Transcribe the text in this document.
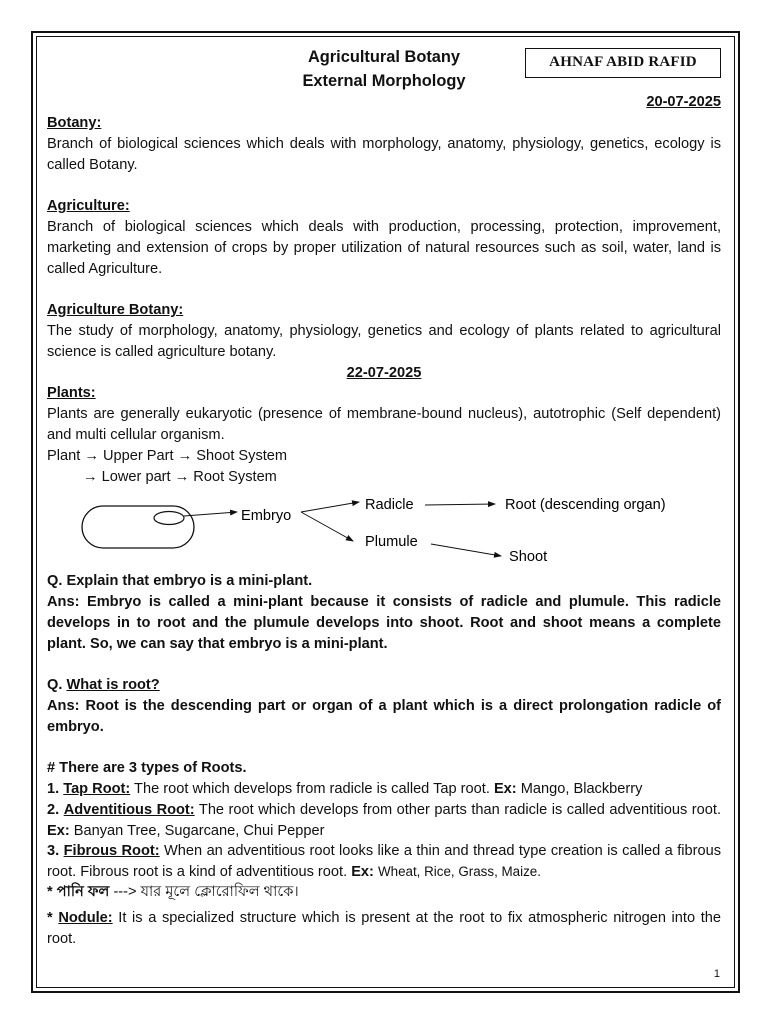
Agricultural Botany
External Morphology
AHNAF ABID RAFID
20-07-2025
Botany:
Branch of biological sciences which deals with morphology, anatomy, physiology, genetics, ecology is called Botany.
Agriculture:
Branch of biological sciences which deals with production, processing, protection, improvement, marketing and extension of crops by proper utilization of natural resources such as soil, water, land is called Agriculture.
Agriculture Botany:
The study of morphology, anatomy, physiology, genetics and ecology of plants related to agricultural science is called agriculture botany.
22-07-2025
Plants:
Plants are generally eukaryotic (presence of membrane-bound nucleus), autotrophic (Self dependent) and multi cellular organism.
Plant → Upper Part → Shoot System
→ Lower part → Root System
Embryo
Radicle	Root (descending organ)
Plumule
Shoot
Q. Explain that embryo is a mini-plant.
Ans: Embryo is called a mini-plant because it consists of radicle and plumule. This radicle develops in to root and the plumule develops into shoot. Root and shoot means a complete plant. So, we can say that embryo is a mini-plant.
Q. What is root?
Ans: Root is the descending part or organ of a plant which is a direct prolongation radicle of embryo.
# There are 3 types of Roots.
1. Tap Root: The root which develops from radicle is called Tap root. Ex: Mango, Blackberry
2. Adventitious Root: The root which develops from other parts than radicle is called adventitious root. Ex: Banyan Tree, Sugarcane, Chui Pepper
3. Fibrous Root: When an adventitious root looks like a thin and thread type creation is called a fibrous root. Fibrous root is a kind of adventitious root. Ex: Wheat, Rice, Grass, Maize.
* পানি ফল ---> যার মূলে ক্লোরোফিল থাকে।
* Nodule: It is a specialized structure which is present at the root to fix atmospheric nitrogen into the root.
1
